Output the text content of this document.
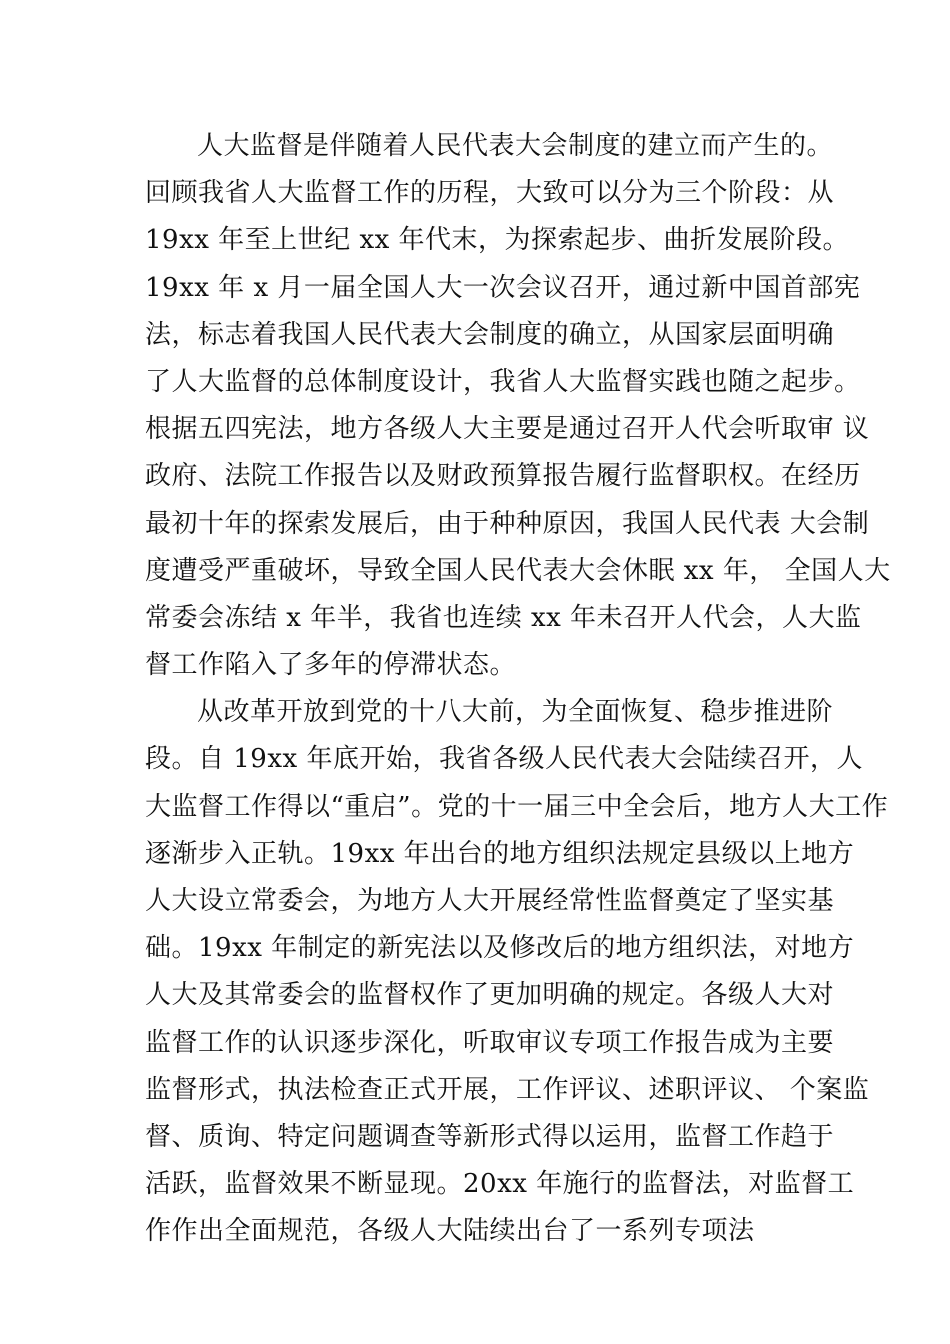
人大监督是伴随着人民代表大会制度的建立而产生的。
回顾我省人大监督工作的历程，大致可以分为三个阶段：从
19xx 年至上世纪 xx 年代末，为探索起步、曲折发展阶段。
19xx 年 x 月一届全国人大一次会议召开，通过新中国首部宪
法，标志着我国人民代表大会制度的确立，从国家层面明确
了人大监督的总体制度设计，我省人大监督实践也随之起步。
根据五四宪法，地方各级人大主要是通过召开人代会听取审 议
政府、法院工作报告以及财政预算报告履行监督职权。在经历
最初十年的探索发展后，由于种种原因，我国人民代表 大会制
度遭受严重破坏，导致全国人民代表大会休眠 xx 年， 全国人大
常委会冻结 x 年半，我省也连续 xx 年未召开人代会，人大监
督工作陷入了多年的停滞状态。
从改革开放到党的十八大前，为全面恢复、稳步推进阶
段。自 19xx 年底开始，我省各级人民代表大会陆续召开，人
大监督工作得以“重启”。党的十一届三中全会后，地方人大工作
逐渐步入正轨。19xx 年出台的地方组织法规定县级以上地方
人大设立常委会，为地方人大开展经常性监督奠定了坚实基
础。19xx 年制定的新宪法以及修改后的地方组织法，对地方
人大及其常委会的监督权作了更加明确的规定。各级人大对
监督工作的认识逐步深化，听取审议专项工作报告成为主要
监督形式，执法检查正式开展，工作评议、述职评议、 个案监
督、质询、特定问题调查等新形式得以运用，监督工作趋于
活跃，监督效果不断显现。20xx 年施行的监督法，对监督工
作作出全面规范，各级人大陆续出台了一系列专项法
